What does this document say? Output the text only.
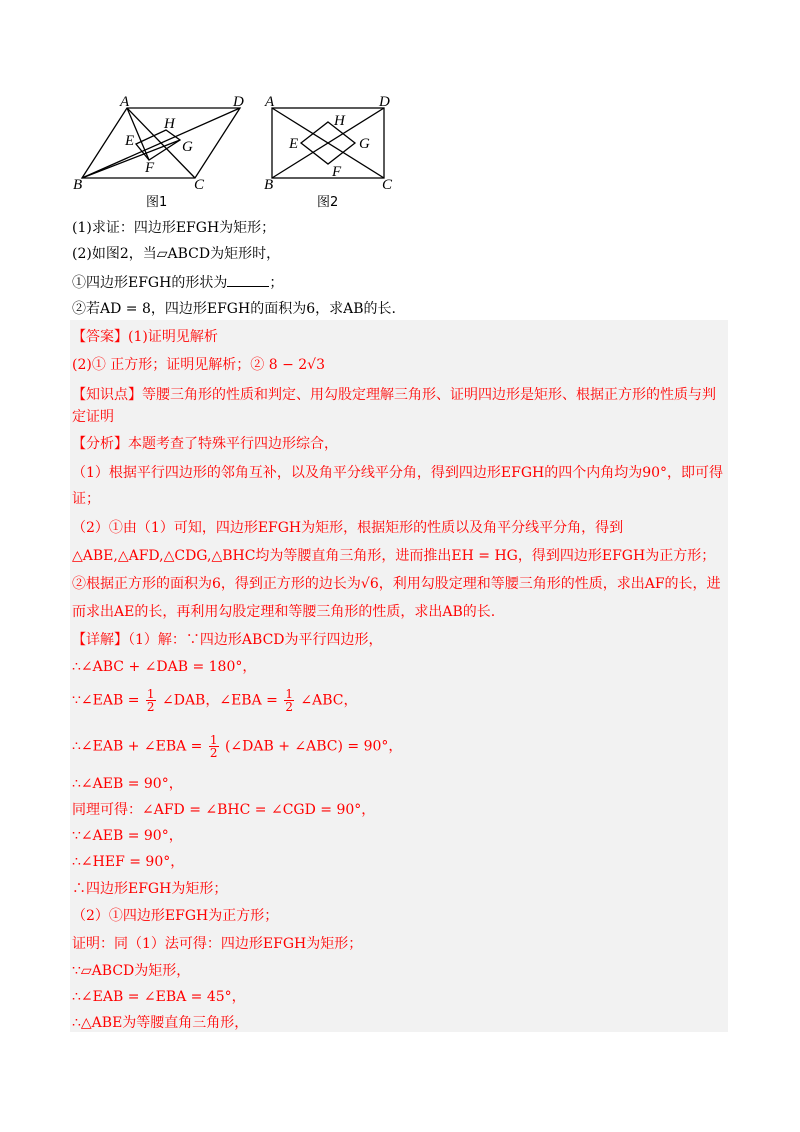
A	D
B	C
E
F
G
H
图1
A	D
B	C
E
F
G
H
图2
(1)求证：四边形EFGH为矩形；
(2)如图2，当▱ABCD为矩形时，
①四边形EFGH的形状为	；
②若AD = 8，四边形EFGH的面积为6，求AB的长.
【答案】(1)证明见解析
(2)① 正方形；证明见解析；② 8 − 2√3
【知识点】等腰三角形的性质和判定、用勾股定理解三角形、证明四边形是矩形、根据正方形的性质与判定证明
【分析】本题考查了特殊平行四边形综合，
（1）根据平行四边形的邻角互补，以及角平分线平分角，得到四边形EFGH的四个内角均为90°，即可得证；
（2）①由（1）可知，四边形EFGH为矩形，根据矩形的性质以及角平分线平分角，得到△ABE,△AFD,△CDG,△BHC均为等腰直角三角形，进而推出EH = HG，得到四边形EFGH为正方形；②根据正方形的面积为6，得到正方形的边长为√6，利用勾股定理和等腰三角形的性质，求出AF的长，进而求出AE的长，再利用勾股定理和等腰三角形的性质，求出AB的长.
【详解】（1）解：∵四边形ABCD为平行四边形，
∴∠ABC + ∠DAB = 180°，
∵∠EAB = $\frac{1}{2}$ ∠DAB，∠EBA = $\frac{1}{2}$ ∠ABC，
∴∠EAB + ∠EBA = $\frac{1}{2}$ (∠DAB + ∠ABC) = 90°，
∴∠AEB = 90°，
同理可得：∠AFD = ∠BHC = ∠CGD = 90°，
∵∠AEB = 90°，
∴∠HEF = 90°，
∴四边形EFGH为矩形；
（2）①四边形EFGH为正方形；
证明：同（1）法可得：四边形EFGH为矩形；
∵▱ABCD为矩形，
∴∠EAB = ∠EBA = 45°，
∴△ABE为等腰直角三角形，
